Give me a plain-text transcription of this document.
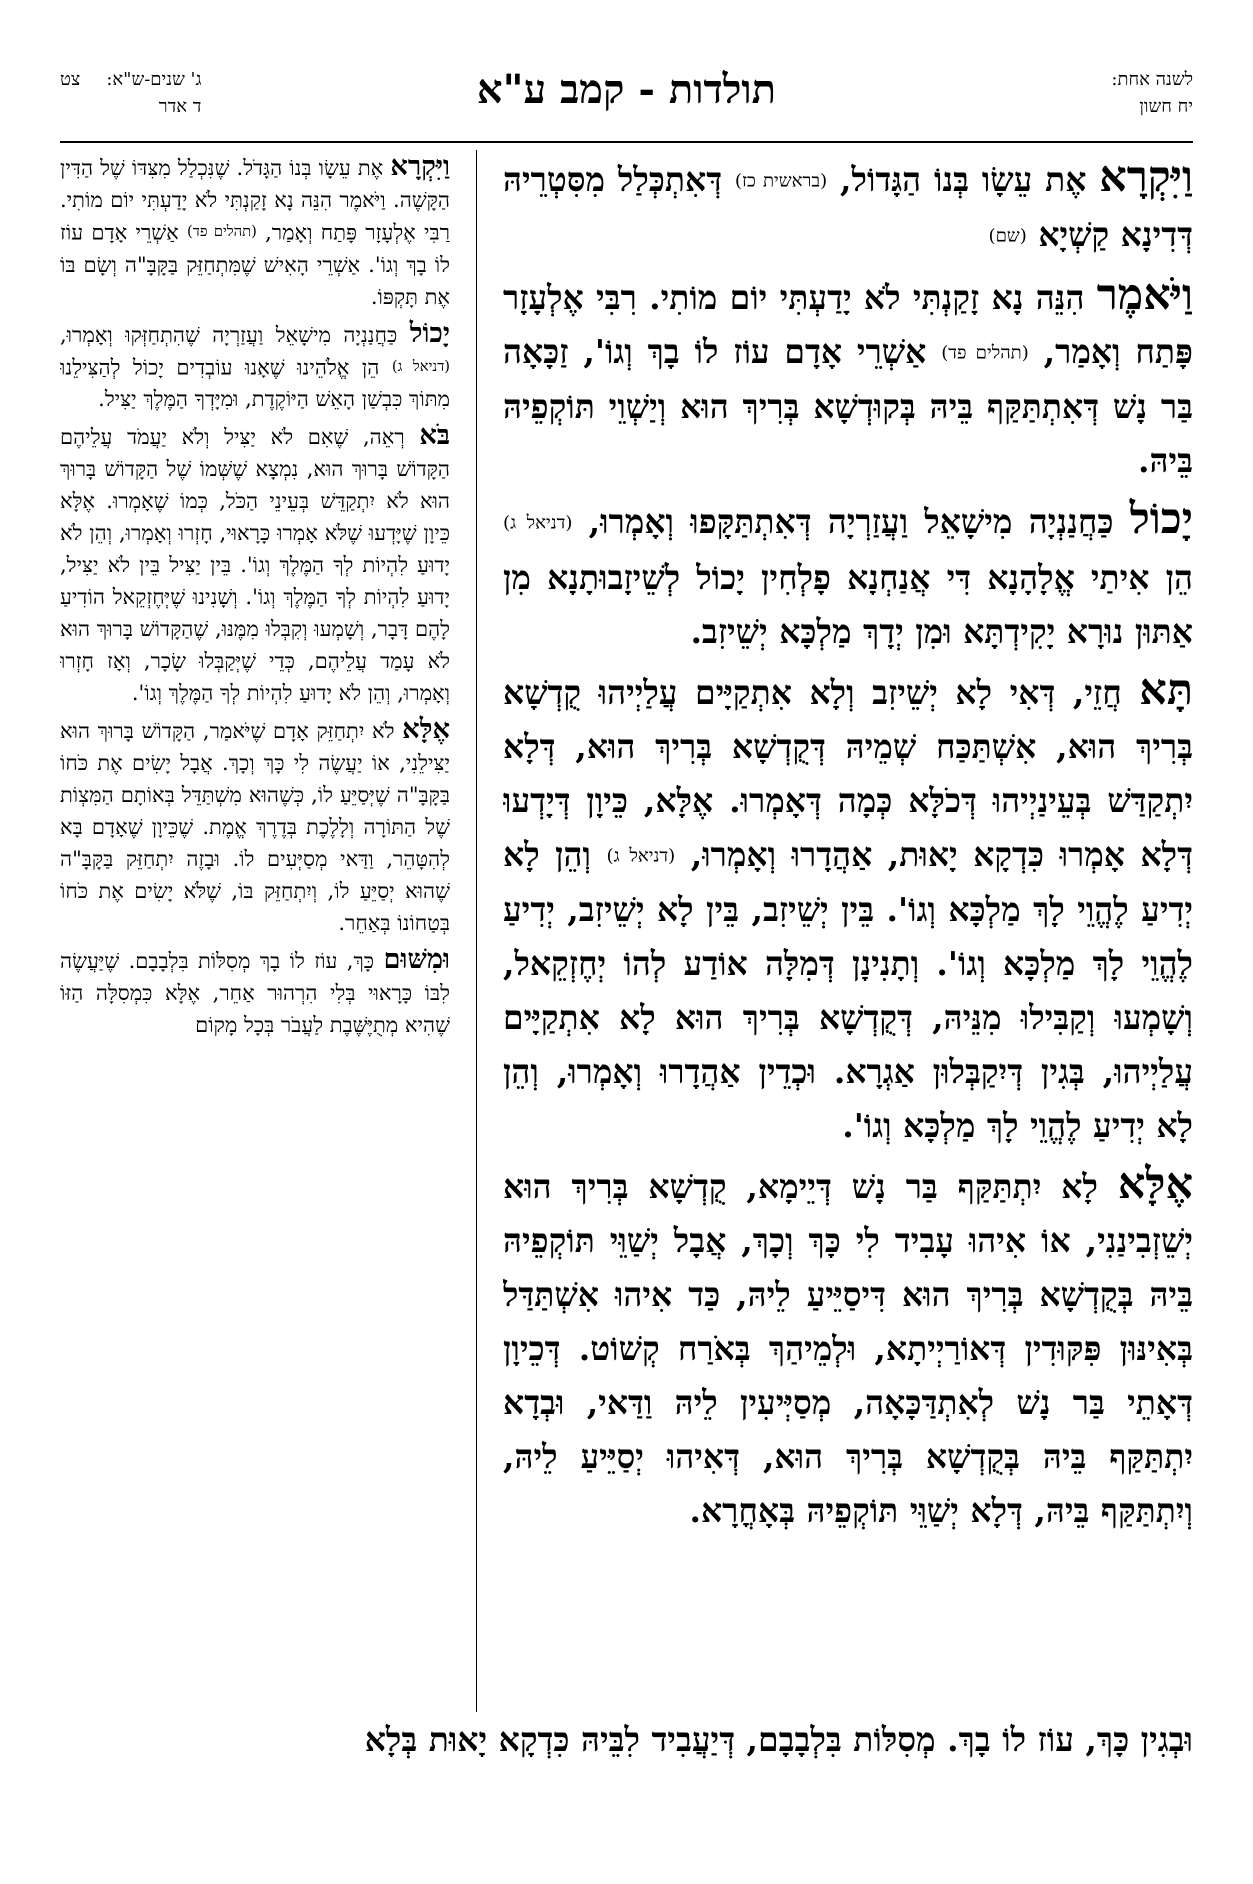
לשנה אחת:
יח חשון
תולדות - קמב ע"א
ג' שנים-ש"א:
צט
ד אדר

וַיִּקְרָא אֶת עֵשָׂו בְּנוֹ הַגָּדוֹל, (בראשית כז) דְּאִתְכְּלַל מִסִּטְרֵיהּ דְּדִינָא קַשְׁיָא (שם)

וַיֹּאמֶר הִנֵּה נָא זָקַנְתִּי לֹא יָדַעְתִּי יוֹם מוֹתִי. רִבִּי אֶלְעָזָר פָּתַח וְאָמַר, (תהלים פד) אַשְׁרֵי אָדָם עוֹז לוֹ בָךְ וְגוֹ', זַכָּאָה בַּר נָשׁ דְּאִתְתַּקַּף בֵּיהּ בְּקוּדְשָׁא בְּרִיךְ הוּא וְיַשְׁוֵי תּוֹקְפֵיהּ בֵּיהּ.

יָכוֹל כַּחֲנַנְיָה מִישָׁאֵל וַעֲזַרְיָה דְּאִתְתַּקָּפוּ וְאָמְרוּ, (דניאל ג) הֵן אִיתַי אֱלָהָנָא דִּי אֲנַחְנָא פָלְחִין יָכוֹל לְשֵׁיזָבוּתָנָא מִן אַתּוּן נוּרָא יָקִידְתָּא וּמִן יְדָךְ מַלְכָּא יְשֵׁיזִב.

תָּא חֲזֵי, דְּאִי לָא יְשֵׁיזִב וְלָא אִתְקַיָּים עֲלַיְיהוּ קֻדְשָׁא בְּרִיךְ הוּא, אִשְׁתַּכַּח שְׁמֵיהּ דְּקֻדְשָׁא בְּרִיךְ הוּא, דְּלָא יִתְקַדַּשׁ בְּעֵינַיְיהוּ דְּכֹלָּא כְּמָה דְּאָמְרוּ. אֶלָּא, כֵּיוָן דְּיָדְעוּ דְּלָא אָמְרוּ כִּדְקָא יָאוּת, אַהֲדָרוּ וְאָמְרוּ, (דניאל ג) וְהֵן לָא יְדִיעַ לֶהֱוֵי לָךְ מַלְכָּא וְגוֹ'. בֵּין יְשֵׁיזִב, בֵּין לָא יְשֵׁיזִב, יְדִיעַ לֶהֱוֵי לָךְ מַלְכָּא וְגוֹ'. וְתָנִינָן דְּמִלָּה אוֹדַע לְהוֹ יְחֶזְקֵאל, וְשָׁמְעוּ וְקַבִּילוּ מִנֵּיהּ, דְּקֻדְשָׁא בְּרִיךְ הוּא לָא אִתְקַיָּים עֲלַיְיהוּ, בְּגִין דְּיִקַבְּלוּן אַגְרָא. וּכְדֵין אַהֲדָרוּ וְאָמְרוּ, וְהֵן לָא יְדִיעַ לֶהֱוֵי לָךְ מַלְכָּא וְגוֹ'.

אֶלָּא לָא יִתְתַּקַּף בַּר נָשׁ דְּיֵימָא, קֻדְשָׁא בְּרִיךְ הוּא יְשֵׁזְבִינַנִי, אוֹ אִיהוּ עָבִיד לִי כָּךְ וְכָךְ, אֲבָל יְשַׁוֵּי תּוֹקְפֵיהּ בֵּיהּ בְּקֻדְשָׁא בְּרִיךְ הוּא דִּיסַיֵּיעַ לֵיהּ, כַּד אִיהוּ אִשְׁתַּדַּל בְּאִינּוּן פִּקּוּדִין דְּאוֹרַיְיתָא, וּלְמֵיהַךְ בְּאֹרַח קְשׁוֹט. דְּכֵיוָן דְּאָתֵי בַּר נָשׁ לְאִתְדַּכָּאָה, מְסַיְּיעִין לֵיהּ וַדַּאי, וּבְדָא יִתְתַּקַּף בֵּיהּ בְּקֻדְשָׁא בְּרִיךְ הוּא, דְּאִיהוּ יְסַיֵּיעַ לֵיהּ, וְיִתְתַּקַּף בֵּיהּ, דְּלָא יְשַׁוֵּי תּוֹקְפֵיהּ בְּאָחֳרָא.

וַיִּקְרָא אֶת עֵשָׂו בְּנוֹ הַגָּדֹל. שֶׁנִּכְלַל מִצִּדּוֹ שֶׁל הַדִּין הַקָּשֶׁה. וַיֹּאמֶר הִנֵּה נָא זָקַנְתִּי לֹא יָדַעְתִּי יוֹם מוֹתִי. רַבִּי אֶלְעָזָר פָּתַח וְאָמַר, (תהלים פד) אַשְׁרֵי אָדָם עוֹז לוֹ בָךְ וְגוֹ'. אַשְׁרֵי הָאִישׁ שֶׁמִּתְחַזֵּק בַּקָּבָּ"ה וְשָׂם בּוֹ אֶת תָּקְפּוֹ.

יָכוֹל כַּחֲנַנְיָה מִישָׁאֵל וַעֲזַרְיָה שֶׁהִתְחַזְּקוּ וְאָמְרוּ, (דניאל ג) הֵן אֱלֹהֵינוּ שֶׁאָנוּ עוֹבְדִים יָכוֹל לְהַצִּילֵנוּ מִתּוֹךְ כִּבְשַׁן הָאֵשׁ הַיּוֹקֶדֶת, וּמִיָּדְךָ הַמֶּלֶךְ יַצִּיל.

בֹּא רְאֵה, שֶׁאִם לֹא יַצִּיל וְלֹא יַעֲמֹד עֲלֵיהֶם הַקָּדוֹשׁ בָּרוּךְ הוּא, נִמְצָא שֶׁשְּׁמוֹ שֶׁל הַקָּדוֹשׁ בָּרוּךְ הוּא לֹא יִתְקַדֵּשׁ בְּעֵינֵי הַכֹּל, כְּמוֹ שֶׁאָמְרוּ. אֶלָּא כֵּיוָן שֶׁיָּדְעוּ שֶׁלֹּא אָמְרוּ כָּרָאוּי, חָזְרוּ וְאָמְרוּ, וְהֵן לֹא יָדוּעַ לִהְיוֹת לְךָ הַמֶּלֶךְ וְגוֹ'. בֵּין יַצִּיל בֵּין לֹא יַצִּיל, יָדוּעַ לִהְיוֹת לְךָ הַמֶּלֶךְ וְגוֹ'. וְשָׁנִינוּ שֶׁיְּחֶזְקֵאל הוֹדִיעַ לָהֶם דָּבָר, וְשָׁמְעוּ וְקִבְּלוּ מִמֶּנּוּ, שֶׁהַקָּדוֹשׁ בָּרוּךְ הוּא לֹא עָמַד עֲלֵיהֶם, כְּדֵי שֶׁיְּקַבְּלוּ שָׂכָר, וְאָז חָזְרוּ וְאָמְרוּ, וְהֵן לֹא יָדוּעַ לִהְיוֹת לְךָ הַמֶּלֶךְ וְגוֹ'.

אֶלָּא לֹא יִתְחַזֵּק אָדָם שֶׁיֹּאמַר, הַקָּדוֹשׁ בָּרוּךְ הוּא יַצִּילֵנִי, אוֹ יַעֲשֶׂה לִי כָּךְ וְכָךְ. אֲבָל יָשִׂים אֶת כֹּחוֹ בַּקָּבָּ"ה שֶׁיְּסַיֵּעַ לוֹ, כְּשֶׁהוּא מִשְׁתַּדֵּל בְּאוֹתָם הַמִּצְוֹת שֶׁל הַתּוֹרָה וְלָלֶכֶת בְּדֶרֶךְ אֱמֶת. שֶׁכֵּיוָן שֶׁאָדָם בָּא לְהִטָּהֵר, וַדַּאי מְסַיְּעִים לוֹ. וּבָזֶה יִתְחַזֵּק בַּקָּבָּ"ה שֶׁהוּא יְסַיֵּעַ לוֹ, וְיִתְחַזֵּק בּוֹ, שֶׁלֹּא יָשִׂים אֶת כֹּחוֹ בְּטַחוֹנוֹ בְּאַחֵר.

וּמִשּׁוּם כָּךְ, עוֹז לוֹ בָךְ מְסִלּוֹת בִּלְבָבָם. שֶׁיַּעֲשֶׂה לִבּוֹ כָּרָאוּי בְּלִי הִרְהוּר אַחֵר, אֶלָּא כִּמְסִלָּה הַזּוֹ שֶׁהִיא מְתֻיֶּשֶּׁבֶת לַעֲבֹר בְּכָל מָקוֹם

וּבְגִין כָּךְ, עוֹז לוֹ בָךְ. מְסִלּוֹת בִּלְבָבָם, דְּיַעֲבִיד לִבֵּיהּ כִּדְקָא יָאוּת בְּלָא
